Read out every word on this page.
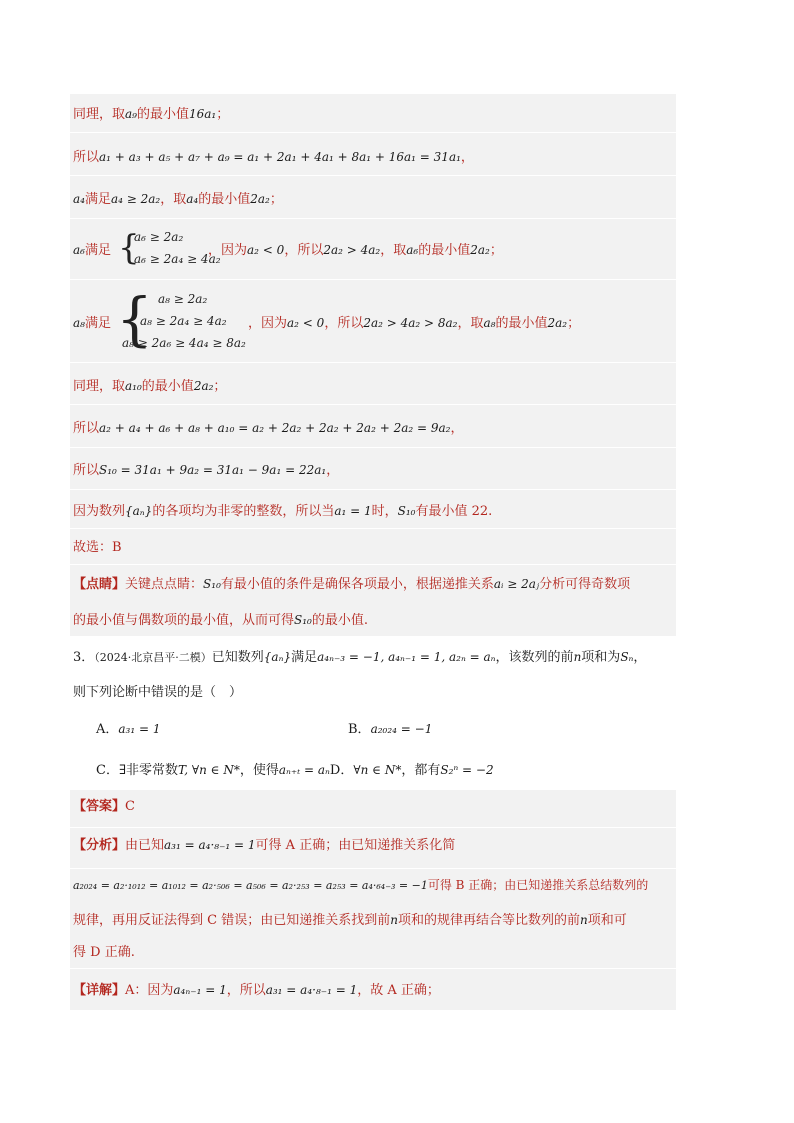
同理，取a₉的最小值16a₁；
所以a₁ + a₃ + a₅ + a₇ + a₉ = a₁ + 2a₁ + 4a₁ + 8a₁ + 16a₁ = 31a₁，
a₄满足a₄ ≥ 2a₂，取a₄的最小值2a₂；
a₆满足 {
a₆ ≥ 2a₂
a₆ ≥ 2a₄ ≥ 4a₂
，因为a₂ < 0，所以2a₂ > 4a₂，取a₆的最小值2a₂；
a₈满足 { a₈ ≥ 2a₂
a₈ ≥ 2a₄ ≥ 4a₂
a₈ ≥ 2a₆ ≥ 4a₄ ≥ 8a₂
，因为a₂ < 0，所以2a₂ > 4a₂ > 8a₂，取a₈的最小值2a₂；
同理，取a₁₀的最小值2a₂；
所以a₂ + a₄ + a₆ + a₈ + a₁₀ = a₂ + 2a₂ + 2a₂ + 2a₂ + 2a₂ = 9a₂，
所以S₁₀ = 31a₁ + 9a₂ = 31a₁ − 9a₁ = 22a₁，
因为数列{aₙ}的各项均为非零的整数，所以当a₁ = 1时，S₁₀有最小值 22.
故选：B
【点睛】关键点点睛：S₁₀有最小值的条件是确保各项最小，根据递推关系aᵢ ≥ 2aⱼ分析可得奇数项
的最小值与偶数项的最小值，从而可得S₁₀的最小值.
3．（2024·北京昌平·二模）已知数列{aₙ}满足a₄ₙ₋₃ = −1, a₄ₙ₋₁ = 1, a₂ₙ = aₙ，该数列的前n项和为Sₙ，
则下列论断中错误的是（　）
A．a₃₁ = 1	B．a₂₀₂₄ = −1
C．∃非零常数T, ∀n ∈ N*，使得aₙ₊ₜ = aₙD．∀n ∈ N*，都有S₂ⁿ = −2
【答案】C
【分析】由已知a₃₁ = a₄·₈₋₁ = 1可得 A 正确；由已知递推关系化简
a₂₀₂₄ = a₂·₁₀₁₂ = a₁₀₁₂ = a₂·₅₀₆ = a₅₀₆ = a₂·₂₅₃ = a₂₅₃ = a₄·₆₄₋₃ = −1可得 B 正确；由已知递推关系总结数列的
规律，再用反证法得到 C 错误；由已知递推关系找到前n项和的规律再结合等比数列的前n项和可
得 D 正确.
【详解】A：因为a₄ₙ₋₁ = 1，所以a₃₁ = a₄·₈₋₁ = 1，故 A 正确；
